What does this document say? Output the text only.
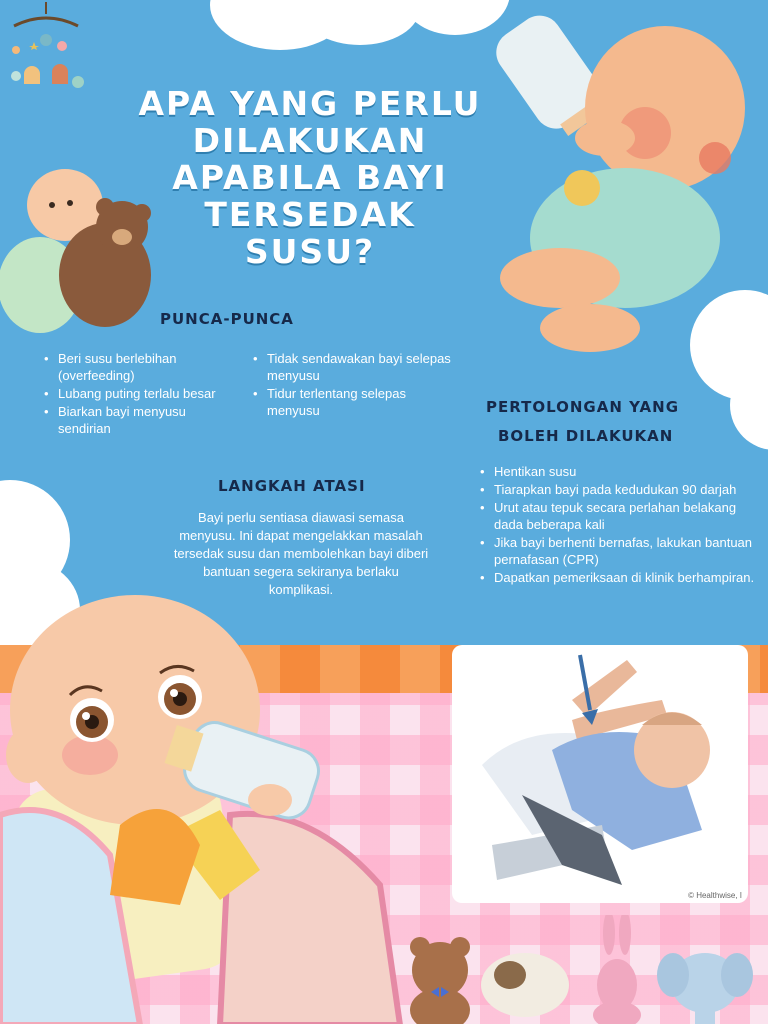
APA YANG PERLU
DILAKUKAN
APABILA BAYI
TERSEDAK
SUSU?
PUNCA-PUNCA
• Beri susu berlebihan (overfeeding)
• Lubang puting terlalu besar
• Biarkan bayi menyusu sendirian
• Tidak sendawakan bayi selepas menyusu
• Tidur terlentang selepas menyusu	PERTOLONGAN YANG
BOLEH DILAKUKAN
• Hentikan susu
• Tiarapkan bayi pada kedudukan 90 darjah
• Urut atau tepuk secara perlahan belakang dada beberapa kali
• Jika bayi berhenti bernafas, lakukan bantuan pernafasan (CPR)
• Dapatkan pemeriksaan di klinik berhampiran.
LANGKAH ATASI
Bayi perlu sentiasa diawasi semasa menyusu. Ini dapat mengelakkan masalah tersedak susu dan membolehkan bayi diberi bantuan segera sekiranya berlaku komplikasi.
© Healthwise, I
